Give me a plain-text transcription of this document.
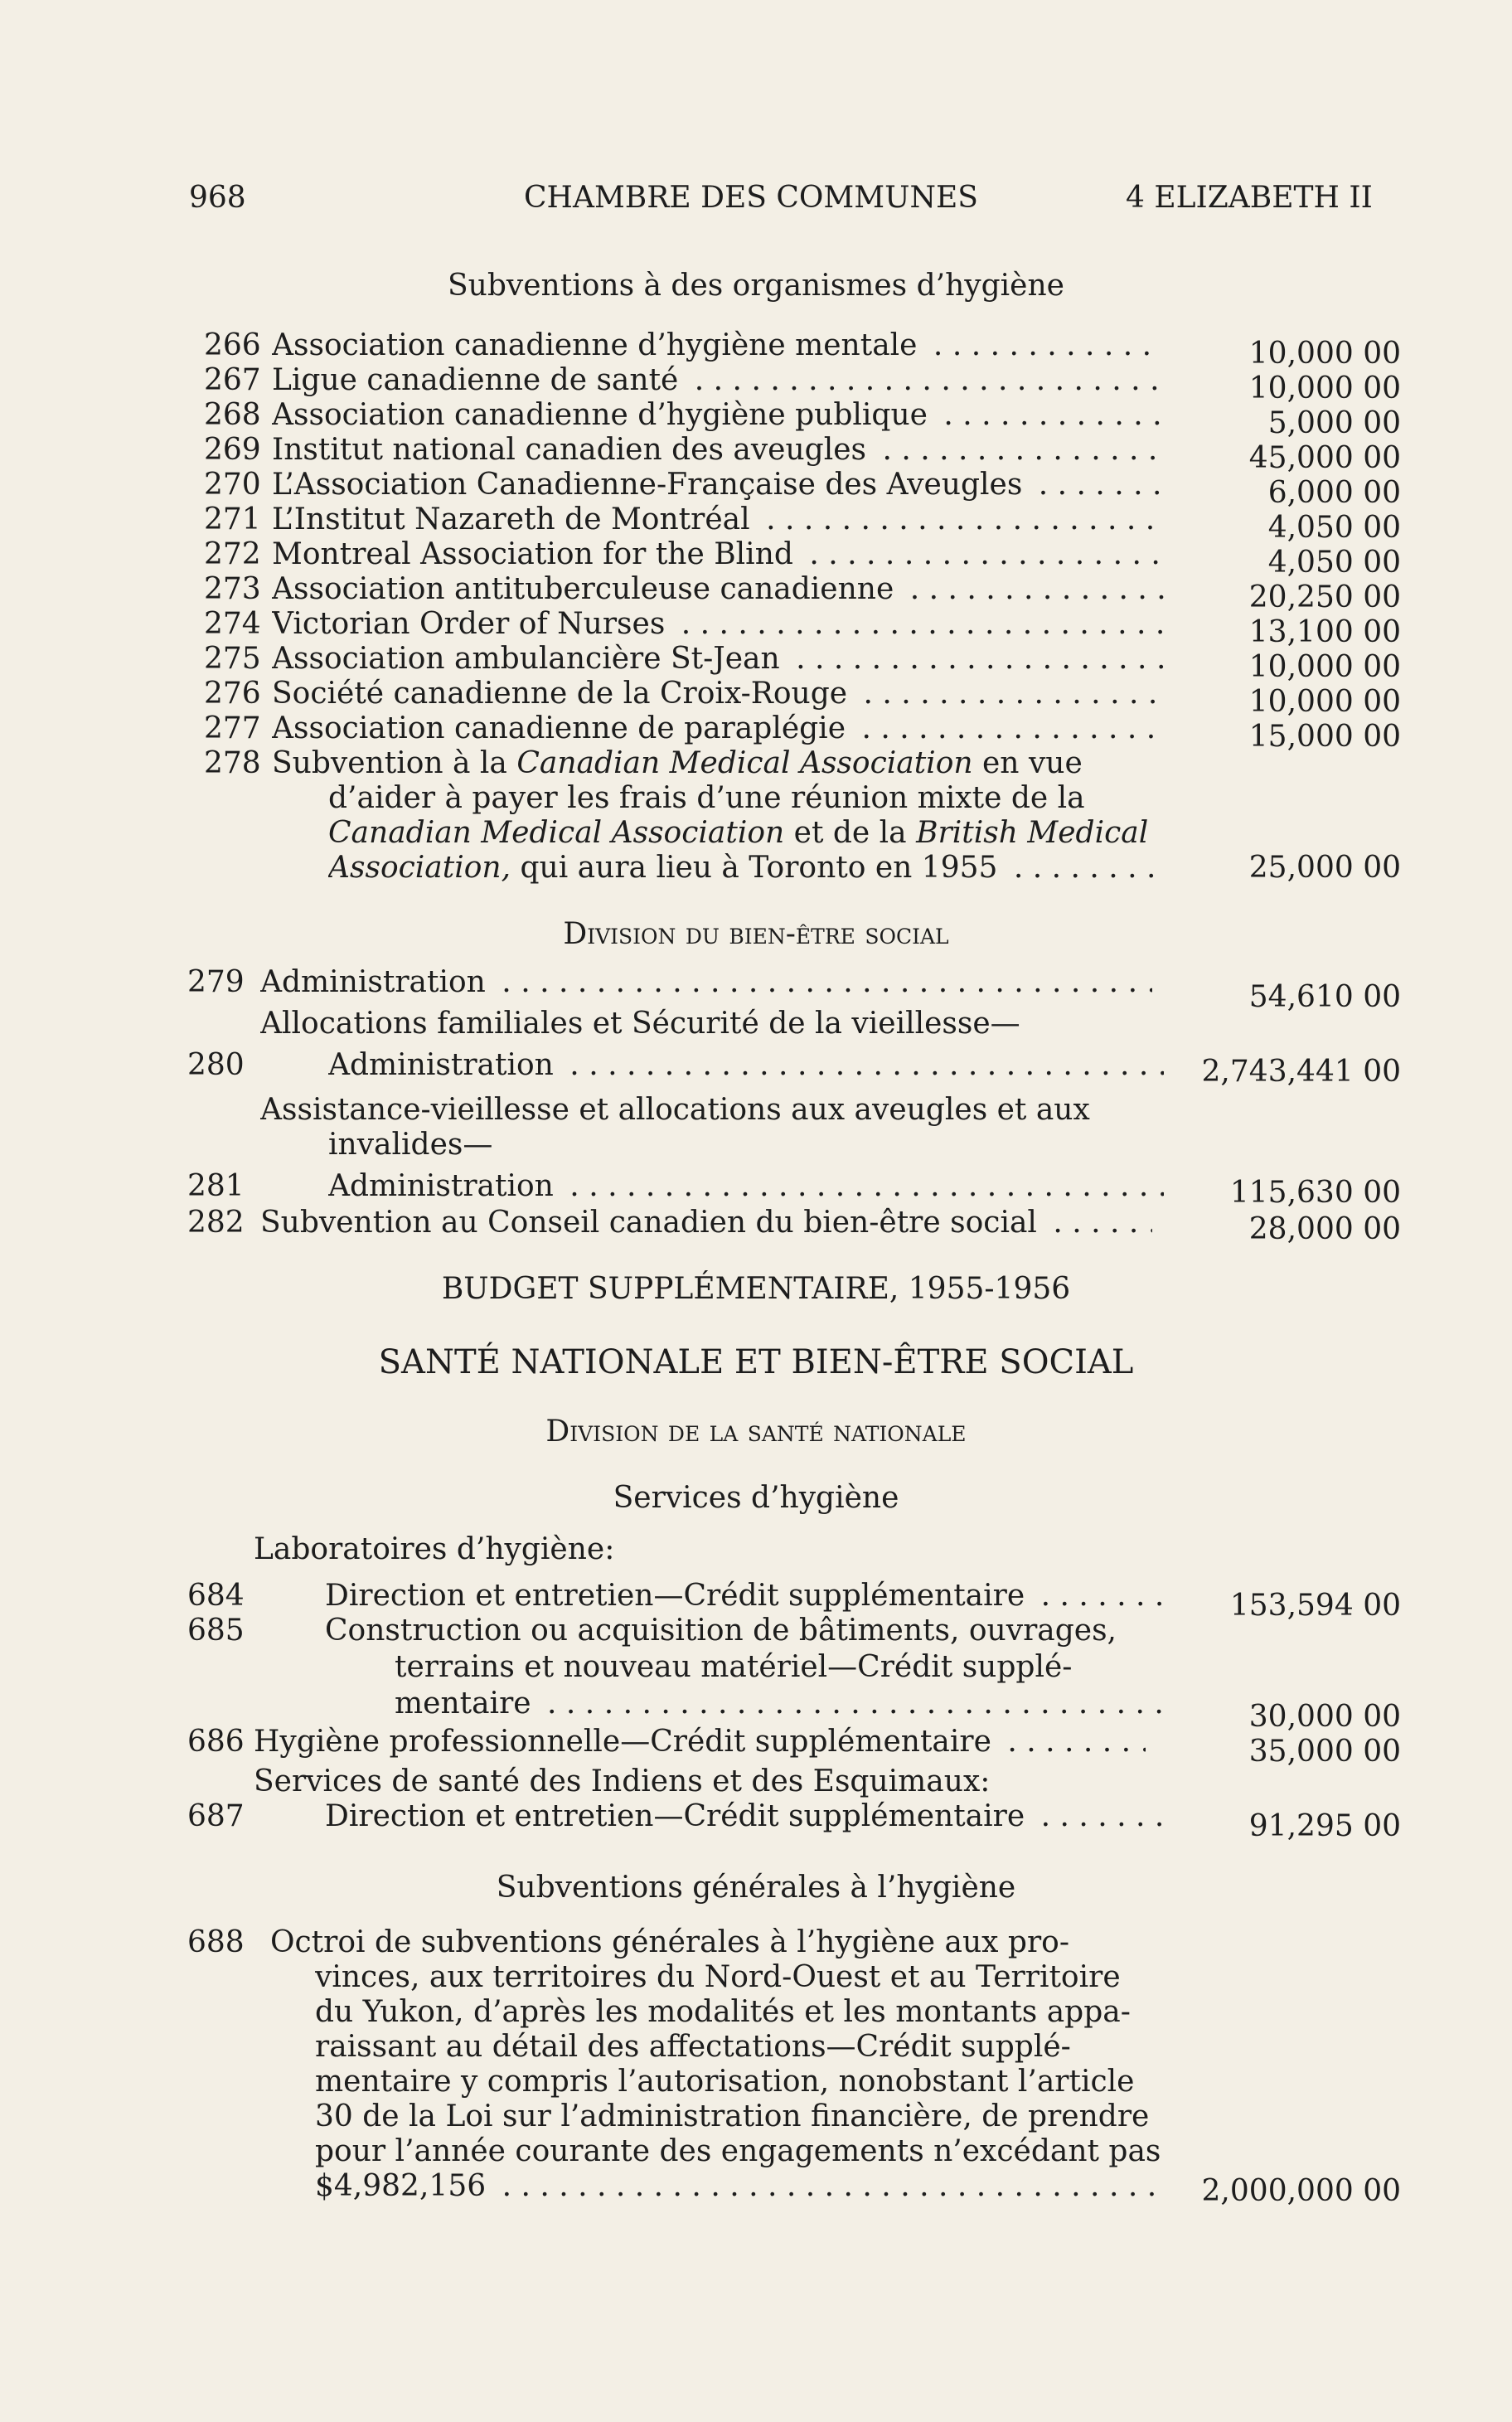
968	CHAMBRE DES COMMUNES	4 ELIZABETH II
Subventions à des organismes d’hygiène
266 Association canadienne d’hygiène mentale . . .	10,000 00
267 Ligue canadienne de santé . . .	10,000 00
268 Association canadienne d’hygiène publique . . .	5,000 00
269 Institut national canadien des aveugles . . .	45,000 00
270 L’Association Canadienne-Française des Aveugles . . .	6,000 00
271 L’Institut Nazareth de Montréal . . .	4,050 00
272 Montreal Association for the Blind . . .	4,050 00
273 Association antituberculeuse canadienne . . .	20,250 00
274 Victorian Order of Nurses . . .	13,100 00
275 Association ambulancière St-Jean . . .	10,000 00
276 Société canadienne de la Croix-Rouge . . .	10,000 00
277 Association canadienne de paraplégie . . .	15,000 00
278 Subvention à la Canadian Medical Association en vue
d’aider à payer les frais d’une réunion mixte de la
Canadian Medical Association et de la British Medical
Association, qui aura lieu à Toronto en 1955 . . .	25,000 00
Division du bien-être social
279 Administration . . .	54,610 00
Allocations familiales et Sécurité de la vieillesse—
280	Administration . . .	2,743,441 00
Assistance-vieillesse et allocations aux aveugles et aux
invalides—
281	Administration . . .	115,630 00
282 Subvention au Conseil canadien du bien-être social . . .	28,000 00
BUDGET SUPPLÉMENTAIRE, 1955-1956
SANTÉ NATIONALE ET BIEN-ÊTRE SOCIAL
Division de la santé nationale
Services d’hygiène
Laboratoires d’hygiène:
684	Direction et entretien—Crédit supplémentaire . . .	153,594 00
685	Construction ou acquisition de bâtiments, ouvrages,
terrains et nouveau matériel—Crédit supplé-
mentaire . . .	30,000 00
686 Hygiène professionnelle—Crédit supplémentaire . . .	35,000 00
Services de santé des Indiens et des Esquimaux:
687	Direction et entretien—Crédit supplémentaire . . .	91,295 00
Subventions générales à l’hygiène
688 Octroi de subventions générales à l’hygiène aux pro-
vinces, aux territoires du Nord-Ouest et au Territoire
du Yukon, d’après les modalités et les montants appa-
raissant au détail des affectations—Crédit supplé-
mentaire y compris l’autorisation, nonobstant l’article
30 de la Loi sur l’administration financière, de prendre
pour l’année courante des engagements n’excédant pas
$4,982,156 . . .	2,000,000 00
